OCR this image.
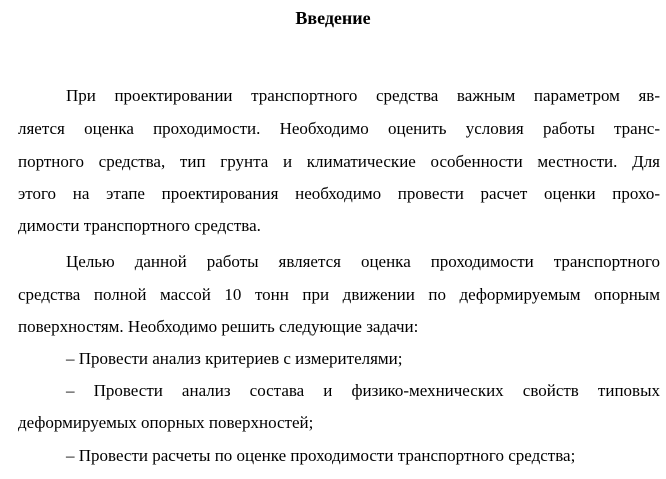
Введение
При проектировании транспортного средства важным параметром яв-
ляется оценка проходимости. Необходимо оценить условия работы транс-
портного средства, тип грунта и климатические особенности местности. Для
этого на этапе проектирования необходимо провести расчет оценки прохо-
димости транспортного средства.
Целью данной работы является оценка проходимости транспортного
средства полной массой 10 тонн при движении по деформируемым опорным
поверхностям. Необходимо решить следующие задачи:
– Провести анализ критериев с измерителями;
– Провести анализ состава и физико-мехнических свойств типовых
деформируемых опорных поверхностей;
– Провести расчеты по оценке проходимости транспортного средства;
